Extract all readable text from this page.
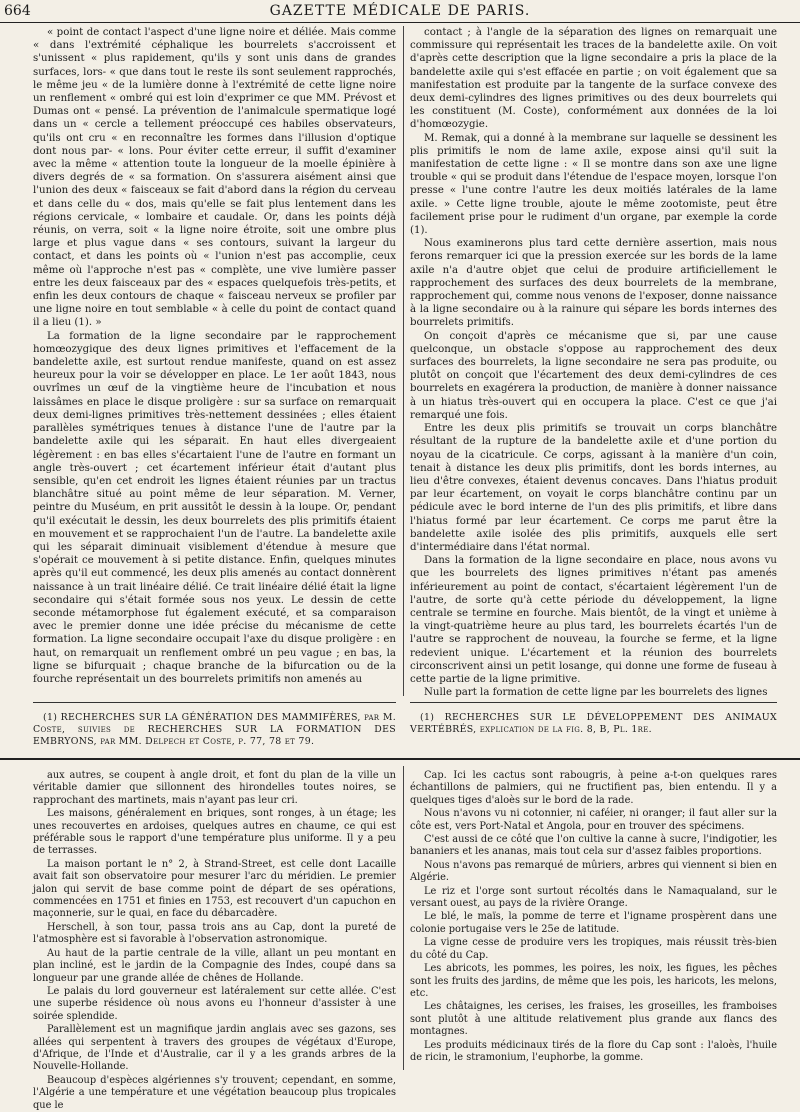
664	GAZETTE MÉDICALE DE PARIS.

« point de contact l'aspect d'une ligne noire et déliée. Mais comme « dans l'extrémité céphalique les bourrelets s'accroissent et s'unissent « plus rapidement, qu'ils y sont unis dans de grandes surfaces, lors- « que dans tout le reste ils sont seulement rapprochés, le même jeu « de la lumière donne à l'extrémité de cette ligne noire un renflement « ombré qui est loin d'exprimer ce que MM. Prévost et Dumas ont « pensé. La prévention de l'animalcule spermatique logé dans un « cercle a tellement préoccupé ces habiles observateurs, qu'ils ont cru « en reconnaître les formes dans l'illusion d'optique dont nous par- « lons. Pour éviter cette erreur, il suffit d'examiner avec la même « attention toute la longueur de la moelle épinière à divers degrés de « sa formation. On s'assurera aisément ainsi que l'union des deux « faisceaux se fait d'abord dans la région du cerveau et dans celle du « dos, mais qu'elle se fait plus lentement dans les régions cervicale, « lombaire et caudale. Or, dans les points déjà réunis, on verra, soit « la ligne noire étroite, soit une ombre plus large et plus vague dans « ses contours, suivant la largeur du contact, et dans les points où « l'union n'est pas accomplie, ceux même où l'approche n'est pas « complète, une vive lumière passer entre les deux faisceaux par des « espaces quelquefois très-petits, et enfin les deux contours de chaque « faisceau nerveux se profiler par une ligne noire en tout semblable « à celle du point de contact quand il a lieu (1). »

La formation de la ligne secondaire par le rapprochement homœozygique des deux lignes primitives et l'effacement de la bandelette axile, est surtout rendue manifeste, quand on est assez heureux pour la voir se développer en place. Le 1er août 1843, nous ouvrîmes un œuf de la vingtième heure de l'incubation et nous laissâmes en place le disque proligère : sur sa surface on remarquait deux demi-lignes primitives très-nettement dessinées ; elles étaient parallèles symétriques tenues à distance l'une de l'autre par la bandelette axile qui les séparait. En haut elles divergeaient légèrement : en bas elles s'écartaient l'une de l'autre en formant un angle très-ouvert ; cet écartement inférieur était d'autant plus sensible, qu'en cet endroit les lignes étaient réunies par un tractus blanchâtre situé au point même de leur séparation. M. Verner, peintre du Muséum, en prit aussitôt le dessin à la loupe. Or, pendant qu'il exécutait le dessin, les deux bourrelets des plis primitifs étaient en mouvement et se rapprochaient l'un de l'autre. La bandelette axile qui les séparait diminuait visiblement d'étendue à mesure que s'opérait ce mouvement à si petite distance. Enfin, quelques minutes après qu'il eut commencé, les deux plis amenés au contact donnèrent naissance à un trait linéaire délié. Ce trait linéaire délié était la ligne secondaire qui s'était formée sous nos yeux. Le dessin de cette seconde métamorphose fut également exécuté, et sa comparaison avec le premier donne une idée précise du mécanisme de cette formation. La ligne secondaire occupait l'axe du disque proligère : en haut, on remarquait un renflement ombré un peu vague ; en bas, la ligne se bifurquait ; chaque branche de la bifurcation ou de la fourche représentait un des bourrelets primitifs non amenés au

contact ; à l'angle de la séparation des lignes on remarquait une commissure qui représentait les traces de la bandelette axile. On voit d'après cette description que la ligne secondaire a pris la place de la bandelette axile qui s'est effacée en partie ; on voit également que sa manifestation est produite par la tangente de la surface convexe des deux demi-cylindres des lignes primitives ou des deux bourrelets qui les constituent (M. Coste), conformément aux données de la loi d'homœozygie.

M. Remak, qui a donné à la membrane sur laquelle se dessinent les plis primitifs le nom de lame axile, expose ainsi qu'il suit la manifestation de cette ligne : « Il se montre dans son axe une ligne trouble « qui se produit dans l'étendue de l'espace moyen, lorsque l'on presse « l'une contre l'autre les deux moitiés latérales de la lame axile. » Cette ligne trouble, ajoute le même zootomiste, peut être facilement prise pour le rudiment d'un organe, par exemple la corde (1).

Nous examinerons plus tard cette dernière assertion, mais nous ferons remarquer ici que la pression exercée sur les bords de la lame axile n'a d'autre objet que celui de produire artificiellement le rapprochement des surfaces des deux bourrelets de la membrane, rapprochement qui, comme nous venons de l'exposer, donne naissance à la ligne secondaire ou à la rainure qui sépare les bords internes des bourrelets primitifs.

On conçoit d'après ce mécanisme que si, par une cause quelconque, un obstacle s'oppose au rapprochement des deux surfaces des bourrelets, la ligne secondaire ne sera pas produite, ou plutôt on conçoit que l'écartement des deux demi-cylindres de ces bourrelets en exagérera la production, de manière à donner naissance à un hiatus très-ouvert qui en occupera la place. C'est ce que j'ai remarqué une fois.

Entre les deux plis primitifs se trouvait un corps blanchâtre résultant de la rupture de la bandelette axile et d'une portion du noyau de la cicatricule. Ce corps, agissant à la manière d'un coin, tenait à distance les deux plis primitifs, dont les bords internes, au lieu d'être convexes, étaient devenus concaves. Dans l'hiatus produit par leur écartement, on voyait le corps blanchâtre continu par un pédicule avec le bord interne de l'un des plis primitifs, et libre dans l'hiatus formé par leur écartement. Ce corps me parut être la bandelette axile isolée des plis primitifs, auxquels elle sert d'intermédiaire dans l'état normal.

Dans la formation de la ligne secondaire en place, nous avons vu que les bourrelets des lignes primitives n'étant pas amenés inférieurement au point de contact, s'écartaient légèrement l'un de l'autre, de sorte qu'à cette période du développement, la ligne centrale se termine en fourche. Mais bientôt, de la vingt et unième à la vingt-quatrième heure au plus tard, les bourrelets écartés l'un de l'autre se rapprochent de nouveau, la fourche se ferme, et la ligne redevient unique. L'écartement et la réunion des bourrelets circonscrivent ainsi un petit losange, qui donne une forme de fuseau à cette partie de la ligne primitive.

Nulle part la formation de cette ligne par les bourrelets des lignes

(1) RECHERCHES SUR LA GÉNÉRATION DES MAMMIFÈRES, par M. Coste, suivies de RECHERCHES SUR LA FORMATION DES EMBRYONS, par MM. Delpech et Coste, p. 77, 78 et 79.

(1) RECHERCHES SUR LE DÉVELOPPEMENT DES ANIMAUX VERTÉBRÉS, explication de la fig. 8, B, Pl. 1re.

aux autres, se coupent à angle droit, et font du plan de la ville un véritable damier que sillonnent des hirondelles toutes noires, se rapprochant des martinets, mais n'ayant pas leur cri.

Les maisons, généralement en briques, sont ronges, à un étage; les unes recouvertes en ardoises, quelques autres en chaume, ce qui est préférable sous le rapport d'une température plus uniforme. Il y a peu de terrasses.

La maison portant le n° 2, à Strand-Street, est celle dont Lacaille avait fait son observatoire pour mesurer l'arc du méridien. Le premier jalon qui servit de base comme point de départ de ses opérations, commencées en 1751 et finies en 1753, est recouvert d'un capuchon en maçonnerie, sur le quai, en face du débarcadère.

Herschell, à son tour, passa trois ans au Cap, dont la pureté de l'atmosphère est si favorable à l'observation astronomique.

Au haut de la partie centrale de la ville, allant un peu montant en plan incliné, est le jardin de la Compagnie des Indes, coupé dans sa longueur par une grande allée de chênes de Hollande.

Le palais du lord gouverneur est latéralement sur cette allée. C'est une superbe résidence où nous avons eu l'honneur d'assister à une soirée splendide.

Parallèlement est un magnifique jardin anglais avec ses gazons, ses allées qui serpentent à travers des groupes de végétaux d'Europe, d'Afrique, de l'Inde et d'Australie, car il y a les grands arbres de la Nouvelle-Hollande.

Beaucoup d'espèces algériennes s'y trouvent; cependant, en somme, l'Algérie a une température et une végétation beaucoup plus tropicales que le

Cap. Ici les cactus sont rabougris, à peine a-t-on quelques rares échantillons de palmiers, qui ne fructifient pas, bien entendu. Il y a quelques tiges d'aloès sur le bord de la rade.

Nous n'avons vu ni cotonnier, ni caféier, ni oranger; il faut aller sur la côte est, vers Port-Natal et Angola, pour en trouver des spécimens.

C'est aussi de ce côté que l'on cultive la canne à sucre, l'indigotier, les bananiers et les ananas, mais tout cela sur d'assez faibles proportions.

Nous n'avons pas remarqué de mûriers, arbres qui viennent si bien en Algérie.

Le riz et l'orge sont surtout récoltés dans le Namaqualand, sur le versant ouest, au pays de la rivière Orange.

Le blé, le maïs, la pomme de terre et l'igname prospèrent dans une colonie portugaise vers le 25e de latitude.

La vigne cesse de produire vers les tropiques, mais réussit très-bien du côté du Cap.

Les abricots, les pommes, les poires, les noix, les figues, les pêches sont les fruits des jardins, de même que les pois, les haricots, les melons, etc.

Les châtaignes, les cerises, les fraises, les groseilles, les framboises sont plutôt à une altitude relativement plus grande aux flancs des montagnes.

Les produits médicinaux tirés de la flore du Cap sont : l'aloès, l'huile de ricin, le stramonium, l'euphorbe, la gomme.
